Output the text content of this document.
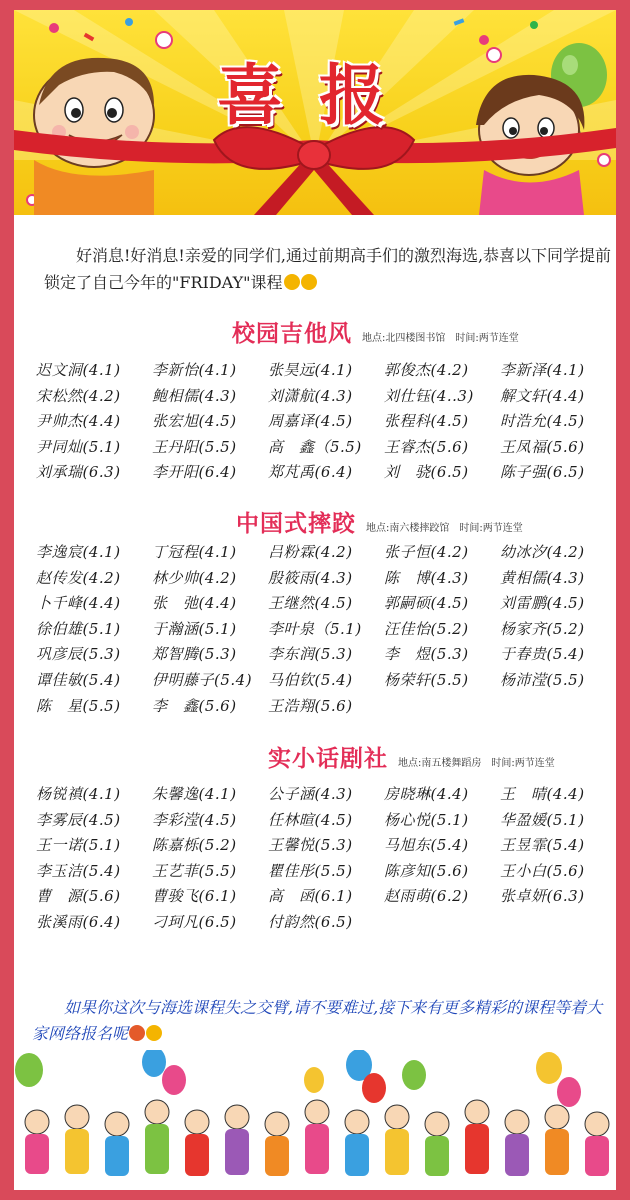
喜报
好消息!好消息!亲爱的同学们,通过前期高手们的激烈海选,恭喜以下同学提前锁定了自己今年的"FRIDAY"课程
校园吉他风 地点:北四楼图书馆 时间:两节连堂
迟文洞(4.1)	李新怡(4.1)	张昊远(4.1)	郭俊杰(4.2)	李新泽(4.1)
宋松然(4.2)	鲍相儒(4.3)	刘潇航(4.3)	刘仕钰(4..3)	解文轩(4.4)
尹帅杰(4.4)	张宏旭(4.5)	周嘉译(4.5)	张程科(4.5)	时浩允(4.5)
尹同灿(5.1)	王丹阳(5.5)	高　鑫（5.5)	王睿杰(5.6)	王凤福(5.6)
刘承瑞(6.3)	李开阳(6.4)	郑芃禹(6.4)	刘　骁(6.5)	陈子强(6.5)
中国式摔跤 地点:南六楼摔跤馆 时间:两节连堂
李逸宸(4.1)	丁冠程(4.1)	吕粉霖(4.2)	张子恒(4.2)	幼冰汐(4.2)
赵传发(4.2)	林少帅(4.2)	殷筱雨(4.3)	陈　博(4.3)	黄相儒(4.3)
卜千峰(4.4)	张　弛(4.4)	王继然(4.5)	郭嗣硕(4.5)	刘雷鹏(4.5)
徐伯雄(5.1)	于瀚涵(5.1)	李叶泉（5.1)	汪佳怡(5.2)	杨家齐(5.2)
巩彦辰(5.3)	郑智腾(5.3)	李东润(5.3)	李　煜(5.3)	于春贵(5.4)
谭佳敏(5.4)	伊明藤子(5.4)	马伯钦(5.4)	杨荣轩(5.5)	杨沛滢(5.5)
陈　星(5.5)	李　鑫(5.6)	王浩翔(5.6)
实小话剧社 地点:南五楼舞蹈房 时间:两节连堂
杨锐禛(4.1)	朱馨逸(4.1)	公子涵(4.3)	房晓琳(4.4)	王　晴(4.4)
李雾辰(4.5)	李彩滢(4.5)	任林暄(4.5)	杨心悦(5.1)	华盈媛(5.1)
王一诺(5.1)	陈嘉栎(5.2)	王馨悦(5.3)	马旭东(5.4)	王昱霏(5.4)
李玉洁(5.4)	王艺菲(5.5)	瞿佳彤(5.5)	陈彦知(5.6)	王小白(5.6)
曹　源(5.6)	曹骏飞(6.1)	高　函(6.1)	赵雨萌(6.2)	张卓妍(6.3)
张溪雨(6.4)	刁珂凡(6.5)	付韵然(6.5)
如果你这次与海选课程失之交臂,请不要难过,接下来有更多精彩的课程等着大家网络报名呢
